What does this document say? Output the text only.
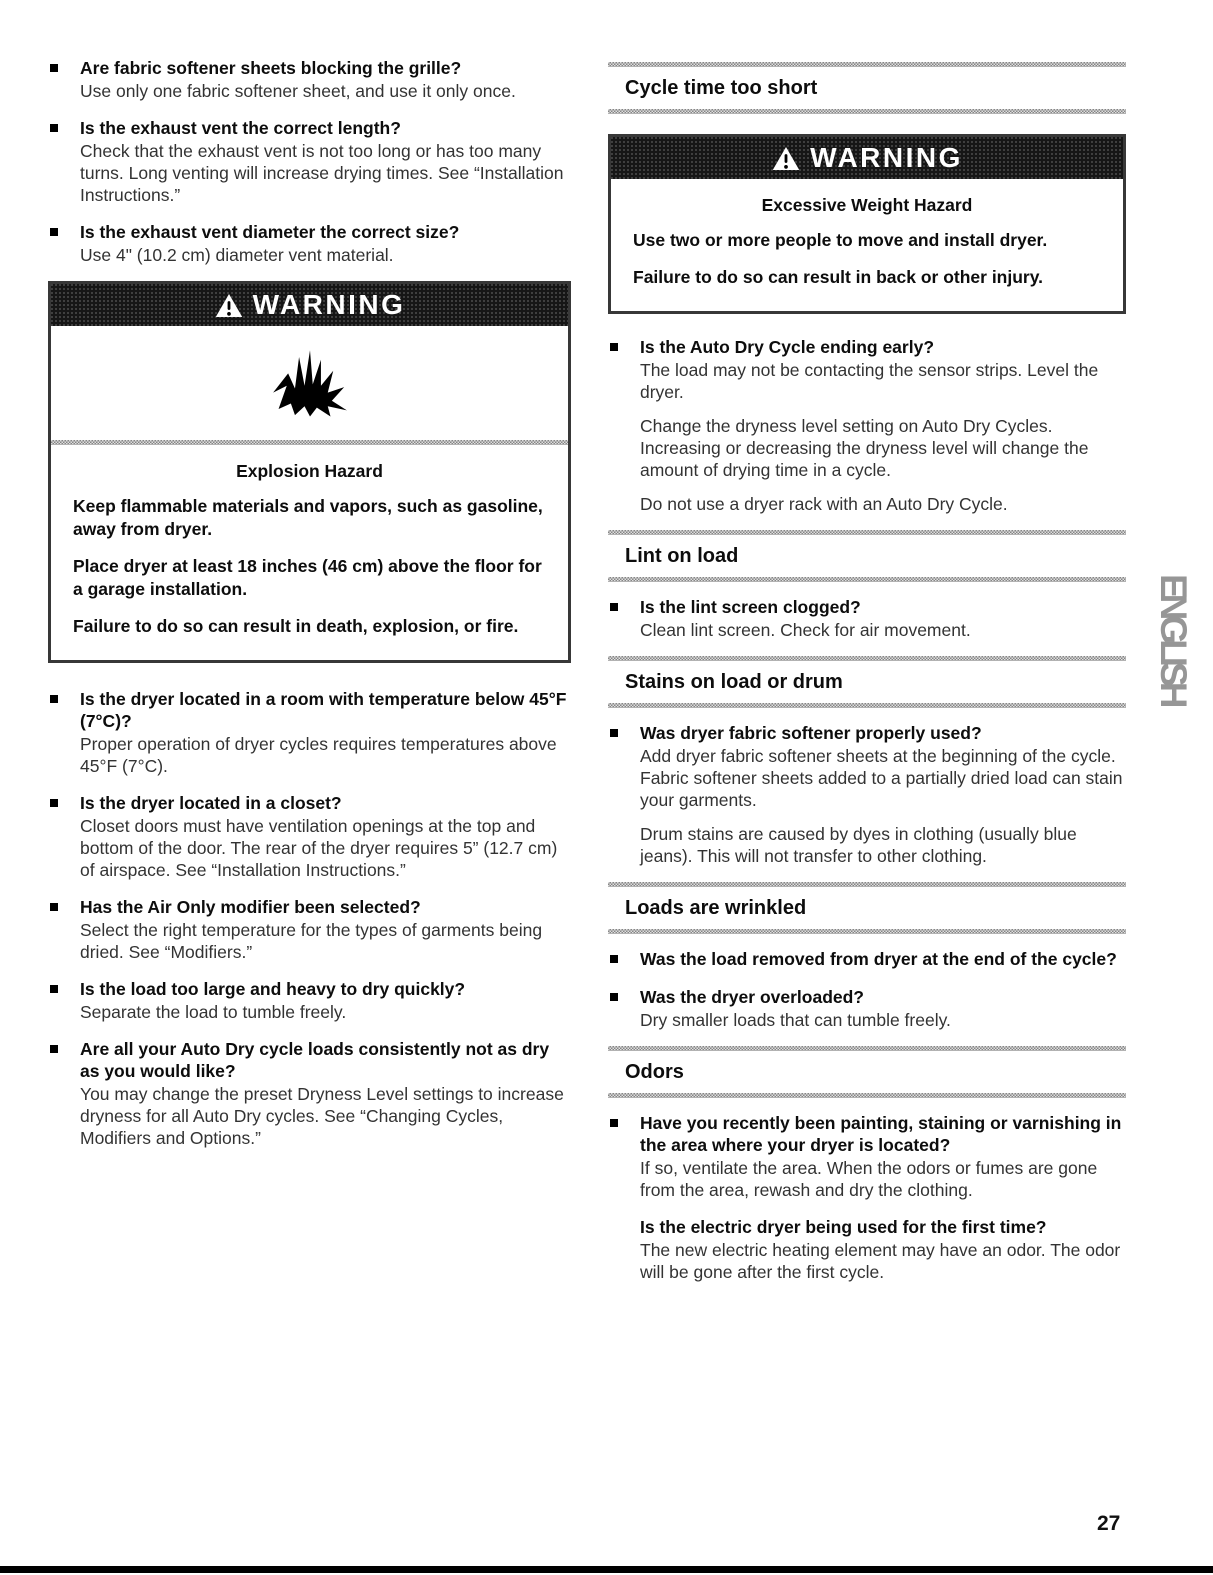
Are fabric softener sheets blocking the grille?

Use only one fabric softener sheet, and use it only once.

Is the exhaust vent the correct length?

Check that the exhaust vent is not too long or has too many turns. Long venting will increase drying times. See “Installation Instructions.”

Is the exhaust vent diameter the correct size?

Use 4" (10.2 cm) diameter vent material.

WARNING

Explosion Hazard

Keep flammable materials and vapors, such as gasoline, away from dryer.

Place dryer at least 18 inches (46 cm) above the floor for a garage installation.

Failure to do so can result in death, explosion, or fire.

Is the dryer located in a room with temperature below 45°F (7°C)?

Proper operation of dryer cycles requires temperatures above 45°F (7°C).

Is the dryer located in a closet?

Closet doors must have ventilation openings at the top and bottom of the door. The rear of the dryer requires 5” (12.7 cm) of airspace. See “Installation Instructions.”

Has the Air Only modifier been selected?

Select the right temperature for the types of garments being dried. See “Modifiers.”

Is the load too large and heavy to dry quickly?

Separate the load to tumble freely.

Are all your Auto Dry cycle loads consistently not as dry as you would like?

You may change the preset Dryness Level settings to increase dryness for all Auto Dry cycles. See “Changing Cycles, Modifiers and Options.”

Cycle time too short
WARNING

Excessive Weight Hazard

Use two or more people to move and install dryer.

Failure to do so can result in back or other injury.

Is the Auto Dry Cycle ending early?

The load may not be contacting the sensor strips. Level the dryer.

Change the dryness level setting on Auto Dry Cycles. Increasing or decreasing the dryness level will change the amount of drying time in a cycle.

Do not use a dryer rack with an Auto Dry Cycle.

Lint on load
Is the lint screen clogged?

Clean lint screen. Check for air movement.

Stains on load or drum
Was dryer fabric softener properly used?

Add dryer fabric softener sheets at the beginning of the cycle. Fabric softener sheets added to a partially dried load can stain your garments.

Drum stains are caused by dyes in clothing (usually blue jeans). This will not transfer to other clothing.

Loads are wrinkled
Was the load removed from dryer at the end of the cycle?
Was the dryer overloaded?

Dry smaller loads that can tumble freely.

Odors
Have you recently been painting, staining or varnishing in the area where your dryer is located?

If so, ventilate the area. When the odors or fumes are gone from the area, rewash and dry the clothing.

Is the electric dryer being used for the first time?

The new electric heating element may have an odor. The odor will be gone after the first cycle.

ENGLISH
27
